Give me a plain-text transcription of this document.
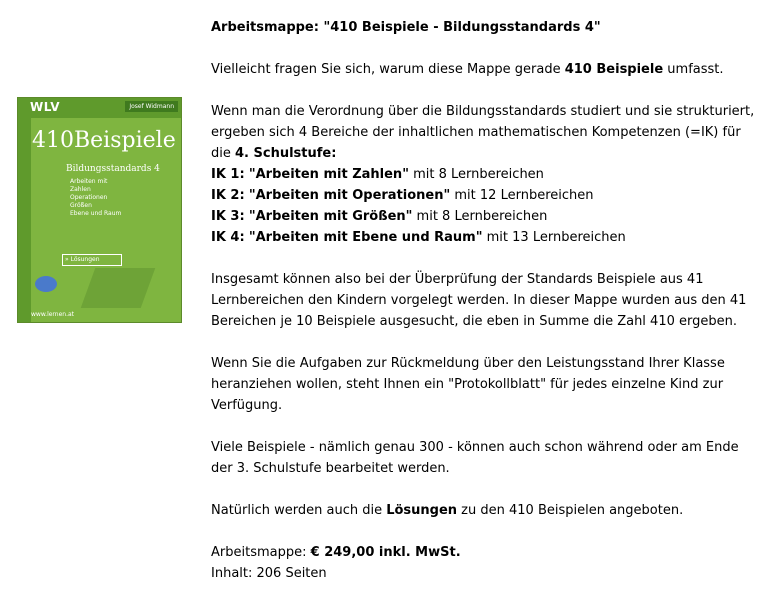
WLV	Josef Widmann
410Beispiele
Bildungsstandards 4
Arbeiten mit
Zahlen
Operationen
Größen
Ebene und Raum
» Lösungen
www.lernen.at

Arbeitsmappe: "410 Beispiele - Bildungsstandards 4"

Vielleicht fragen Sie sich, warum diese Mappe gerade 410 Beispiele umfasst.

Wenn man die Verordnung über die Bildungsstandards studiert und sie strukturiert, ergeben sich 4 Bereiche der inhaltlichen mathematischen Kompetenzen (=IK) für die 4. Schulstufe:
IK 1: "Arbeiten mit Zahlen" mit 8 Lernbereichen
IK 2: "Arbeiten mit Operationen" mit 12 Lernbereichen
IK 3: "Arbeiten mit Größen" mit 8 Lernbereichen
IK 4: "Arbeiten mit Ebene und Raum" mit 13 Lernbereichen

Insgesamt können also bei der Überprüfung der Standards Beispiele aus 41 Lernbereichen den Kindern vorgelegt werden. In dieser Mappe wurden aus den 41 Bereichen je 10 Beispiele ausgesucht, die eben in Summe die Zahl 410 ergeben.

Wenn Sie die Aufgaben zur Rückmeldung über den Leistungsstand Ihrer Klasse heranziehen wollen, steht Ihnen ein "Protokollblatt" für jedes einzelne Kind zur Verfügung.

Viele Beispiele - nämlich genau 300 - können auch schon während oder am Ende der 3. Schulstufe bearbeitet werden.

Natürlich werden auch die Lösungen zu den 410 Beispielen angeboten.

Arbeitsmappe: € 249,00 inkl. MwSt.
Inhalt: 206 Seiten
